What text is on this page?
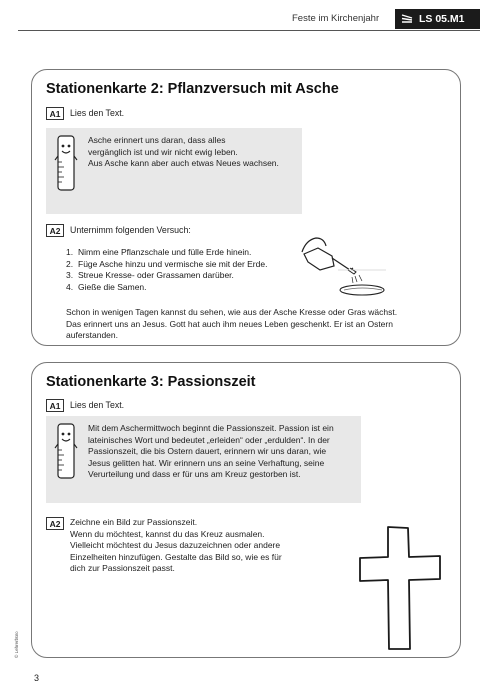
Feste im Kirchenjahr	LS 05.M1
Stationenkarte 2: Pflanzversuch mit Asche
A1	Lies den Text.
Asche erinnert uns daran, dass alles
vergänglich ist und wir nicht ewig leben.
Aus Asche kann aber auch etwas Neues wachsen.
A2	Unternimm folgenden Versuch:
1. Nimm eine Pflanzschale und fülle Erde hinein.
2. Füge Asche hinzu und vermische sie mit der Erde.
3. Streue Kresse- oder Grassamen darüber.
4. Gieße die Samen.
Schon in wenigen Tagen kannst du sehen, wie aus der Asche Kresse oder Gras wächst.
Das erinnert uns an Jesus. Gott hat auch ihm neues Leben geschenkt. Er ist an Ostern
auferstanden.
Stationenkarte 3: Passionszeit
A1	Lies den Text.
Mit dem Aschermittwoch beginnt die Passionszeit. Passion ist ein
lateinisches Wort und bedeutet „erleiden“ oder „erdulden“. In der
Passionszeit, die bis Ostern dauert, erinnern wir uns daran, wie
Jesus gelitten hat. Wir erinnern uns an seine Verhaftung, seine
Verurteilung und dass er für uns am Kreuz gestorben ist.
A2	Zeichne ein Bild zur Passionszeit.
Wenn du möchtest, kannst du das Kreuz ausmalen.
Vielleicht möchtest du Jesus dazuzeichnen oder andere
Einzelheiten hinzufügen. Gestalte das Bild so, wie es für
dich zur Passionszeit passt.
© Lehrerbüro
3
